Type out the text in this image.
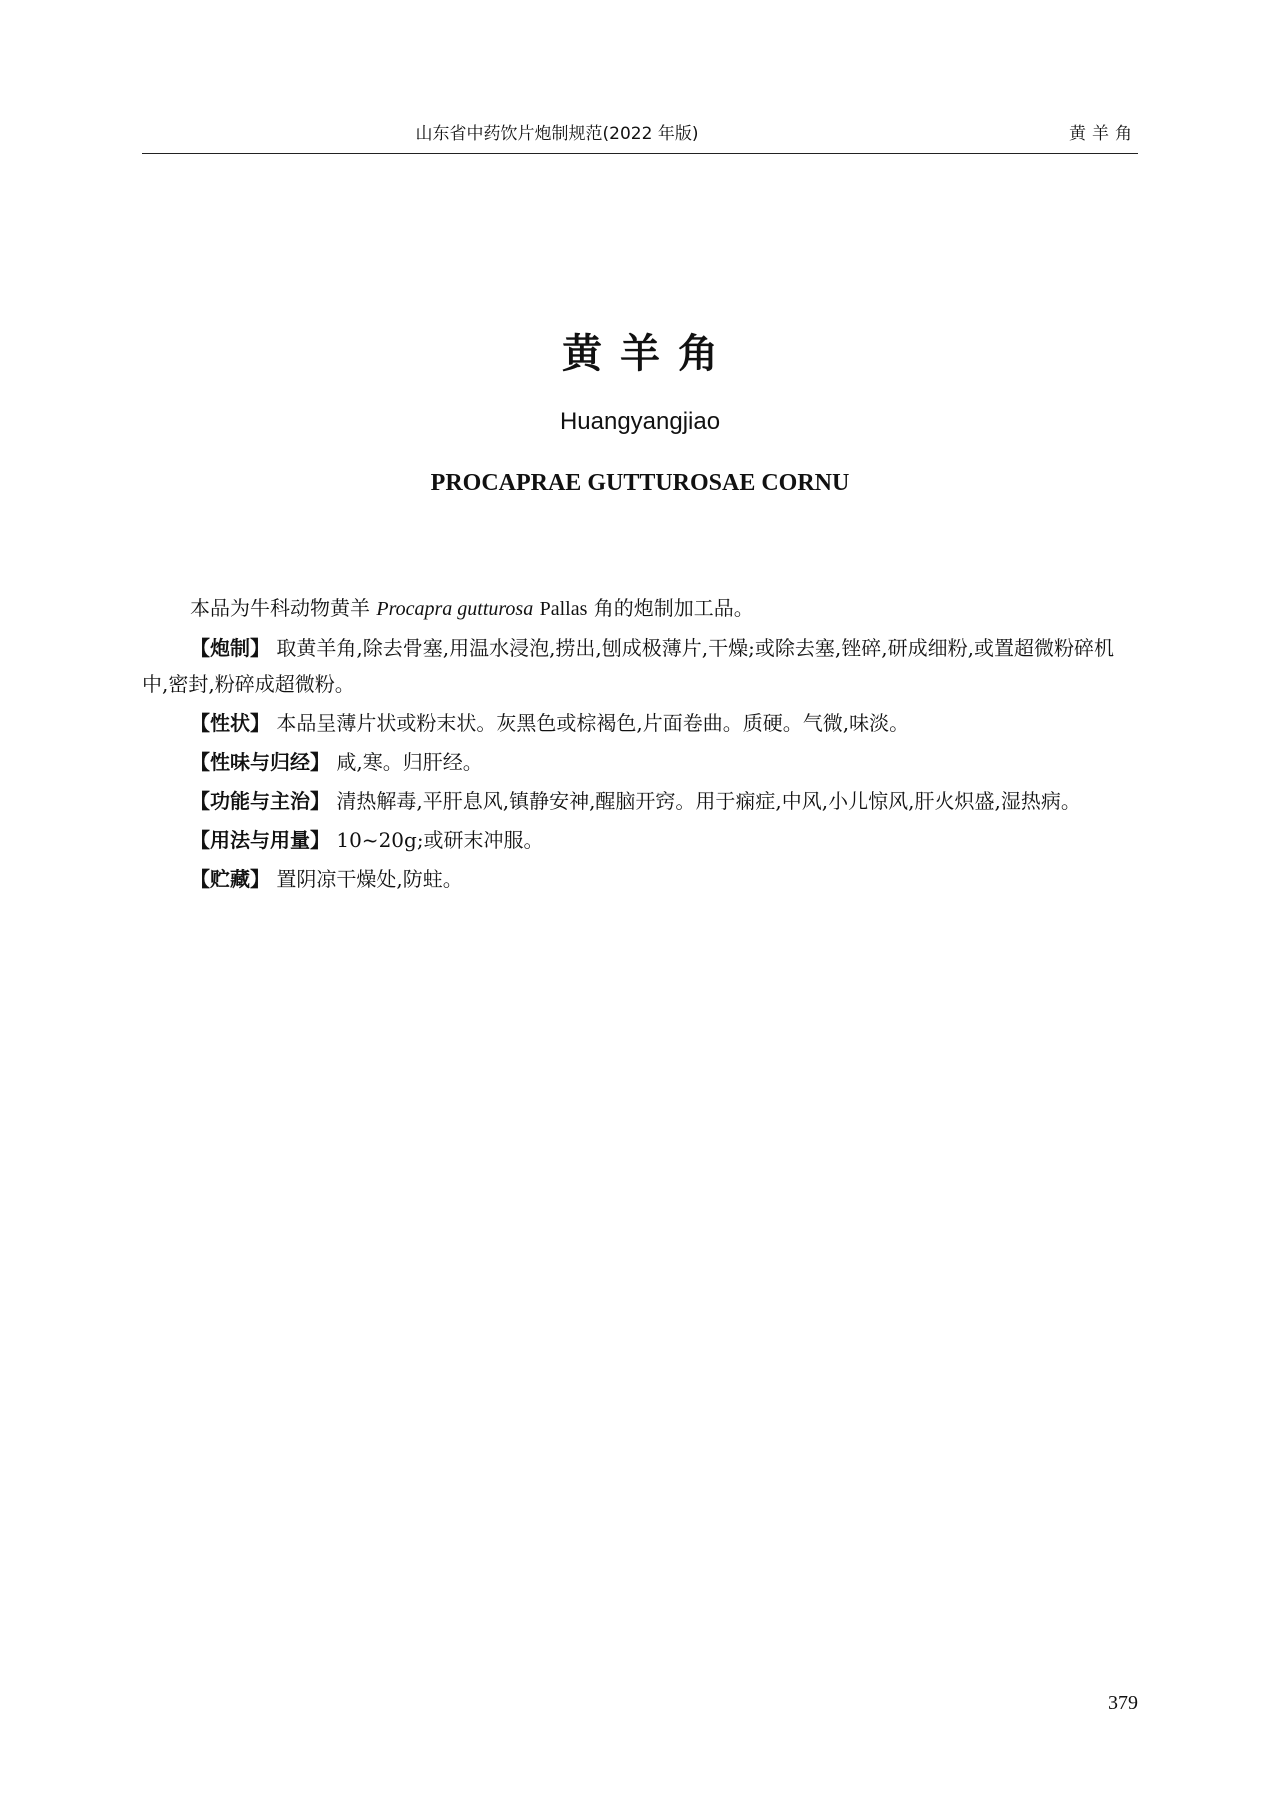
山东省中药饮片炮制规范(2022 年版)	黄羊角
黄羊角
Huangyangjiao
PROCAPRAE GUTTUROSAE CORNU

本品为牛科动物黄羊 Procapra gutturosa Pallas 角的炮制加工品。

【炮制】 取黄羊角,除去骨塞,用温水浸泡,捞出,刨成极薄片,干燥;或除去塞,锉碎,研成细粉,或置超微粉碎机中,密封,粉碎成超微粉。

【性状】 本品呈薄片状或粉末状。灰黑色或棕褐色,片面卷曲。质硬。气微,味淡。

【性味与归经】 咸,寒。归肝经。

【功能与主治】 清热解毒,平肝息风,镇静安神,醒脑开窍。用于痫症,中风,小儿惊风,肝火炽盛,湿热病。

【用法与用量】 10~20g;或研末冲服。

【贮藏】 置阴凉干燥处,防蛀。

379
